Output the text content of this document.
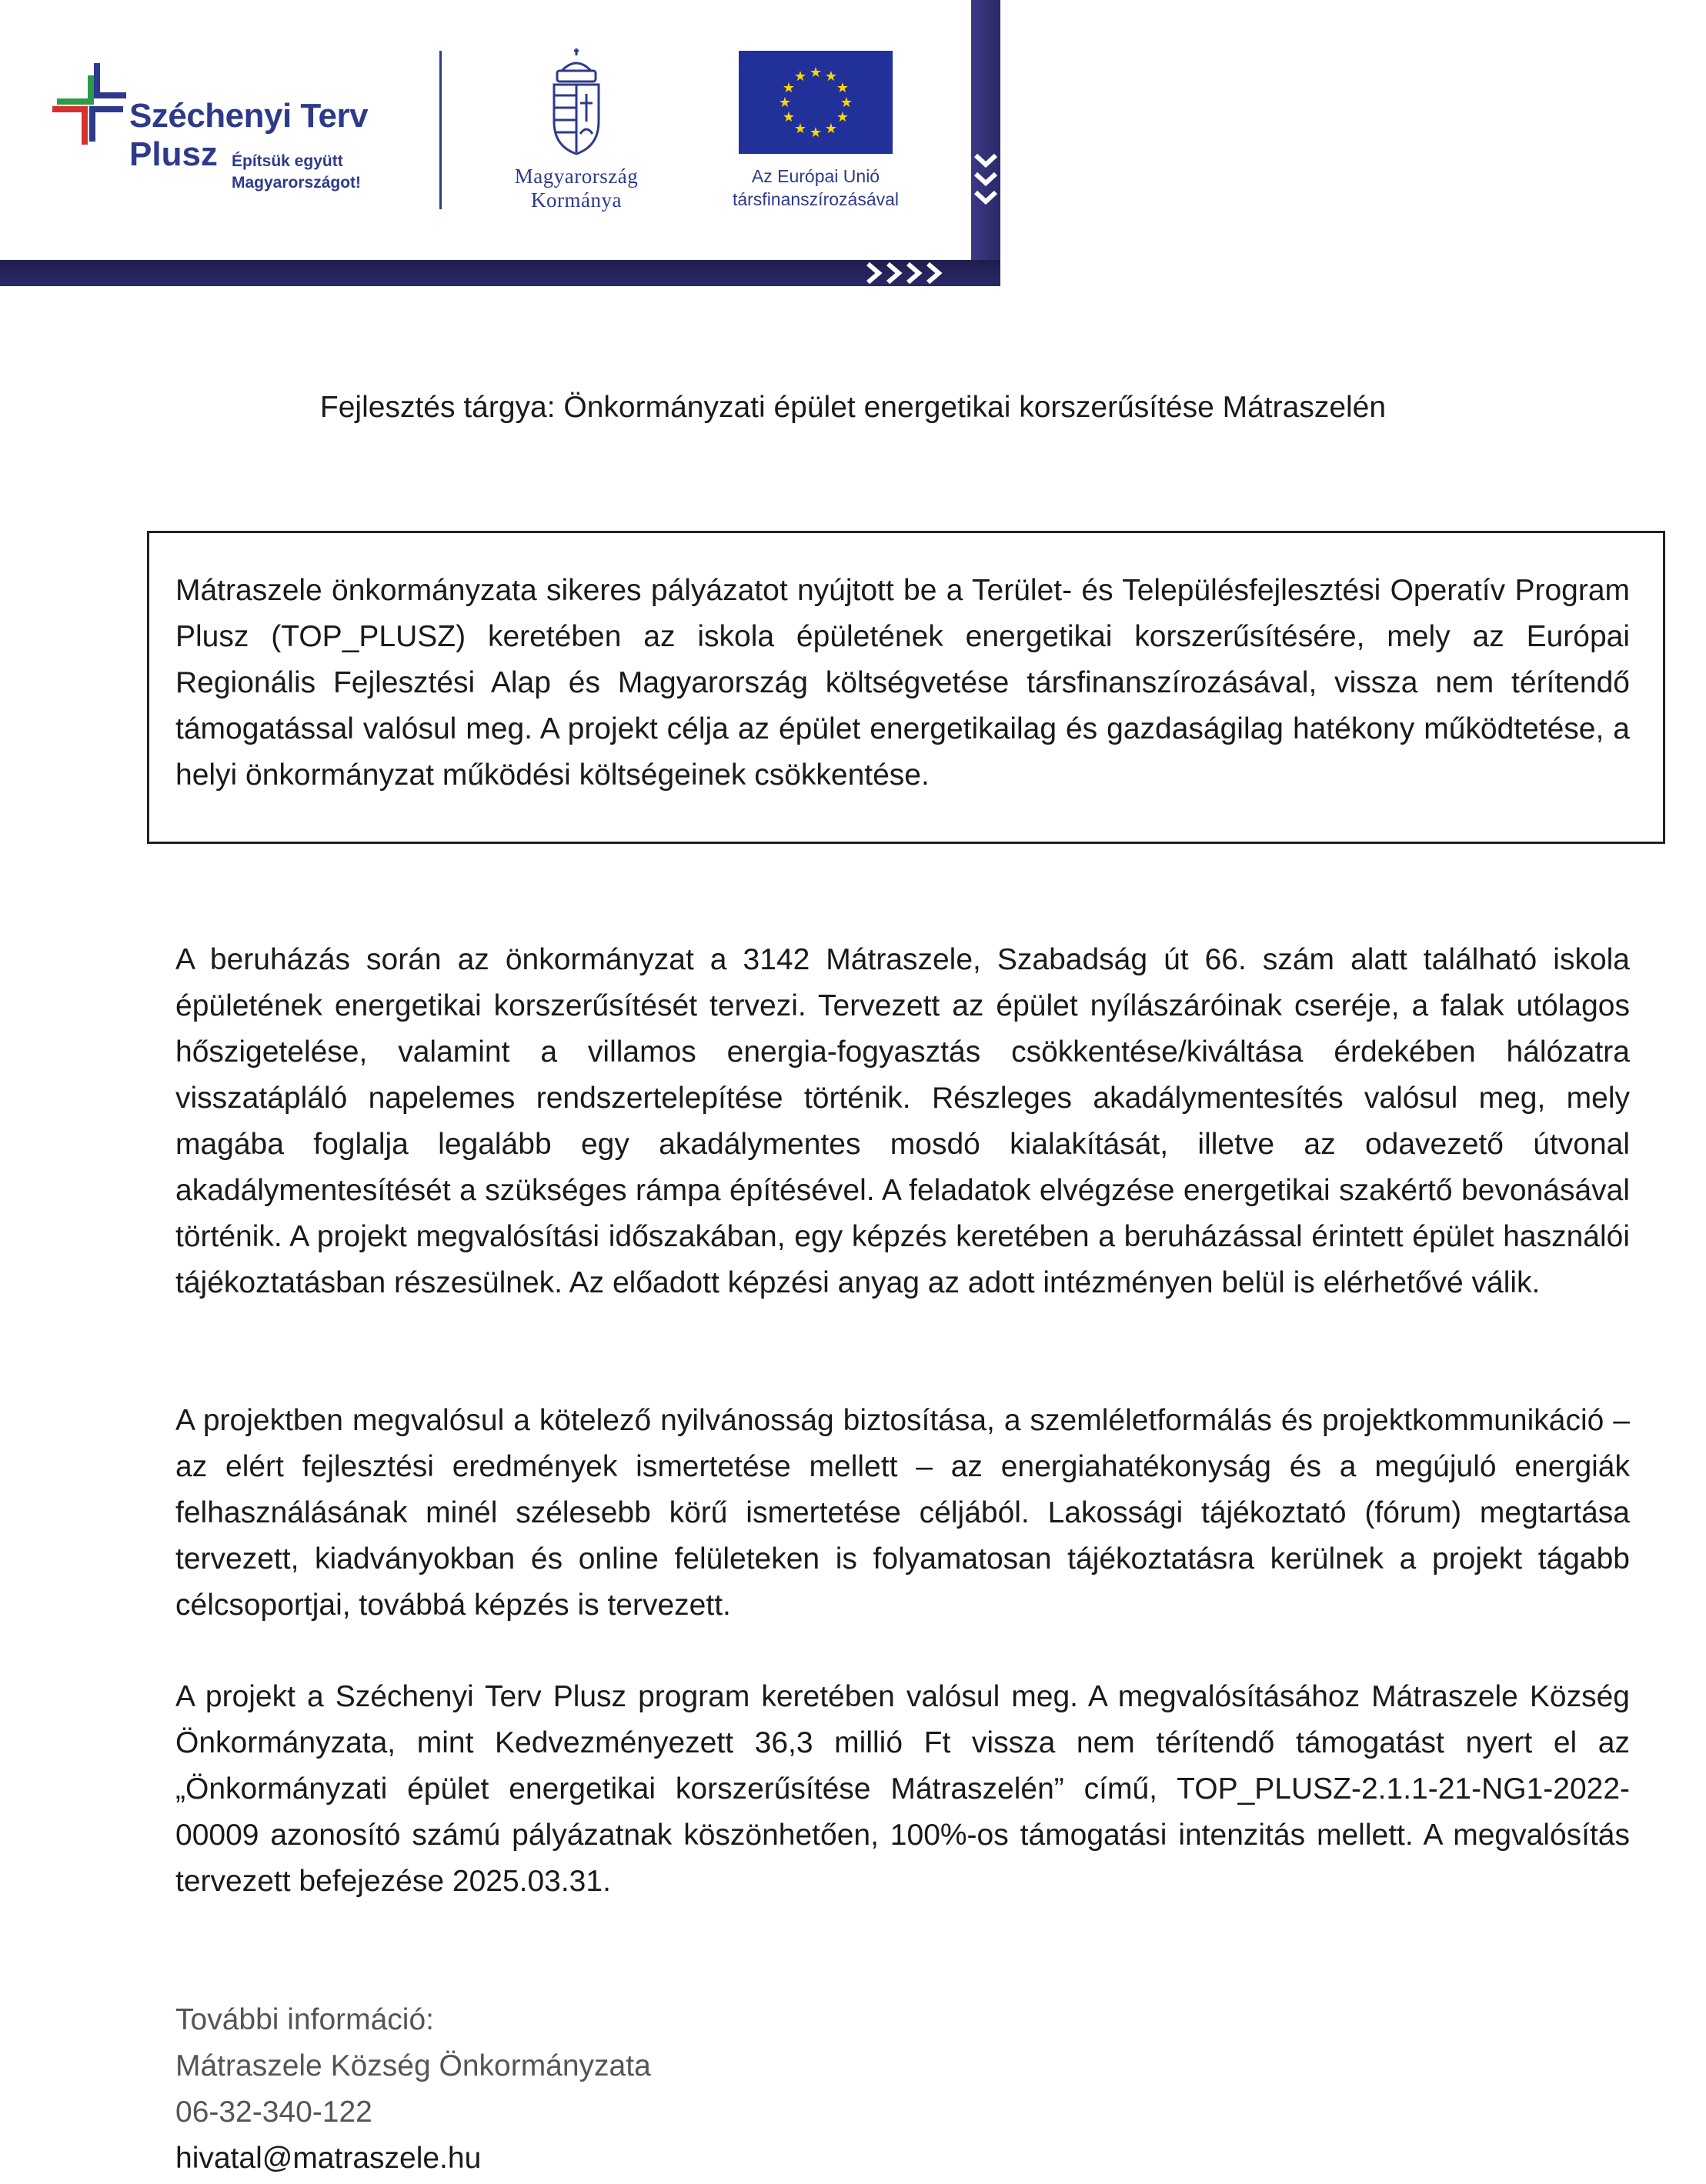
Széchenyi Terv
Plusz Építsük együtt
Magyarországot!	Magyarország
Kormánya
★ ★
★
★
★
★
★
★
★
★
★
★
Az Európai Unió
társfinanszírozásával
Fejlesztés tárgya: Önkormányzati épület energetikai korszerűsítése Mátraszelén

Mátraszele önkormányzata sikeres pályázatot nyújtott be a Terület- és Településfejlesztési Operatív Program Plusz (TOP_PLUSZ) keretében az iskola épületének energetikai korszerűsítésére, mely az Európai Regionális Fejlesztési Alap és Magyarország költségvetése társfinanszírozásával, vissza nem térítendő támogatással valósul meg. A projekt célja az épület energetikailag és gazdaságilag hatékony működtetése, a helyi önkormányzat működési költségeinek csökkentése.

A beruházás során az önkormányzat a 3142 Mátraszele, Szabadság út 66. szám alatt található iskola épületének energetikai korszerűsítését tervezi. Tervezett az épület nyílászáróinak cseréje, a falak utólagos hőszigetelése, valamint a villamos energia-fogyasztás csökkentése/kiváltása érdekében hálózatra visszatápláló napelemes rendszertelepítése történik. Részleges akadálymentesítés valósul meg, mely magába foglalja legalább egy akadálymentes mosdó kialakítását, illetve az odavezető útvonal akadálymentesítését a szükséges rámpa építésével. A feladatok elvégzése energetikai szakértő bevonásával történik. A projekt megvalósítási időszakában, egy képzés keretében a beruházással érintett épület használói tájékoztatásban részesülnek. Az előadott képzési anyag az adott intézményen belül is elérhetővé válik.

A projektben megvalósul a kötelező nyilvánosság biztosítása, a szemléletformálás és projektkommunikáció – az elért fejlesztési eredmények ismertetése mellett – az energiahatékonyság és a megújuló energiák felhasználásának minél szélesebb körű ismertetése céljából. Lakossági tájékoztató (fórum) megtartása tervezett, kiadványokban és online felületeken is folyamatosan tájékoztatásra kerülnek a projekt tágabb célcsoportjai, továbbá képzés is tervezett.

A projekt a Széchenyi Terv Plusz program keretében valósul meg. A megvalósításához Mátraszele Község Önkormányzata, mint Kedvezményezett 36,3 millió Ft vissza nem térítendő támogatást nyert el az „Önkormányzati épület energetikai korszerűsítése Mátraszelén” című, TOP_PLUSZ-2.1.1-21-NG1-2022-00009 azonosító számú pályázatnak köszönhetően, 100%-os támogatási intenzitás mellett. A megvalósítás tervezett befejezése 2025.03.31.

További információ:
Mátraszele Község Önkormányzata
06-32-340-122
hivatal@matraszele.hu
